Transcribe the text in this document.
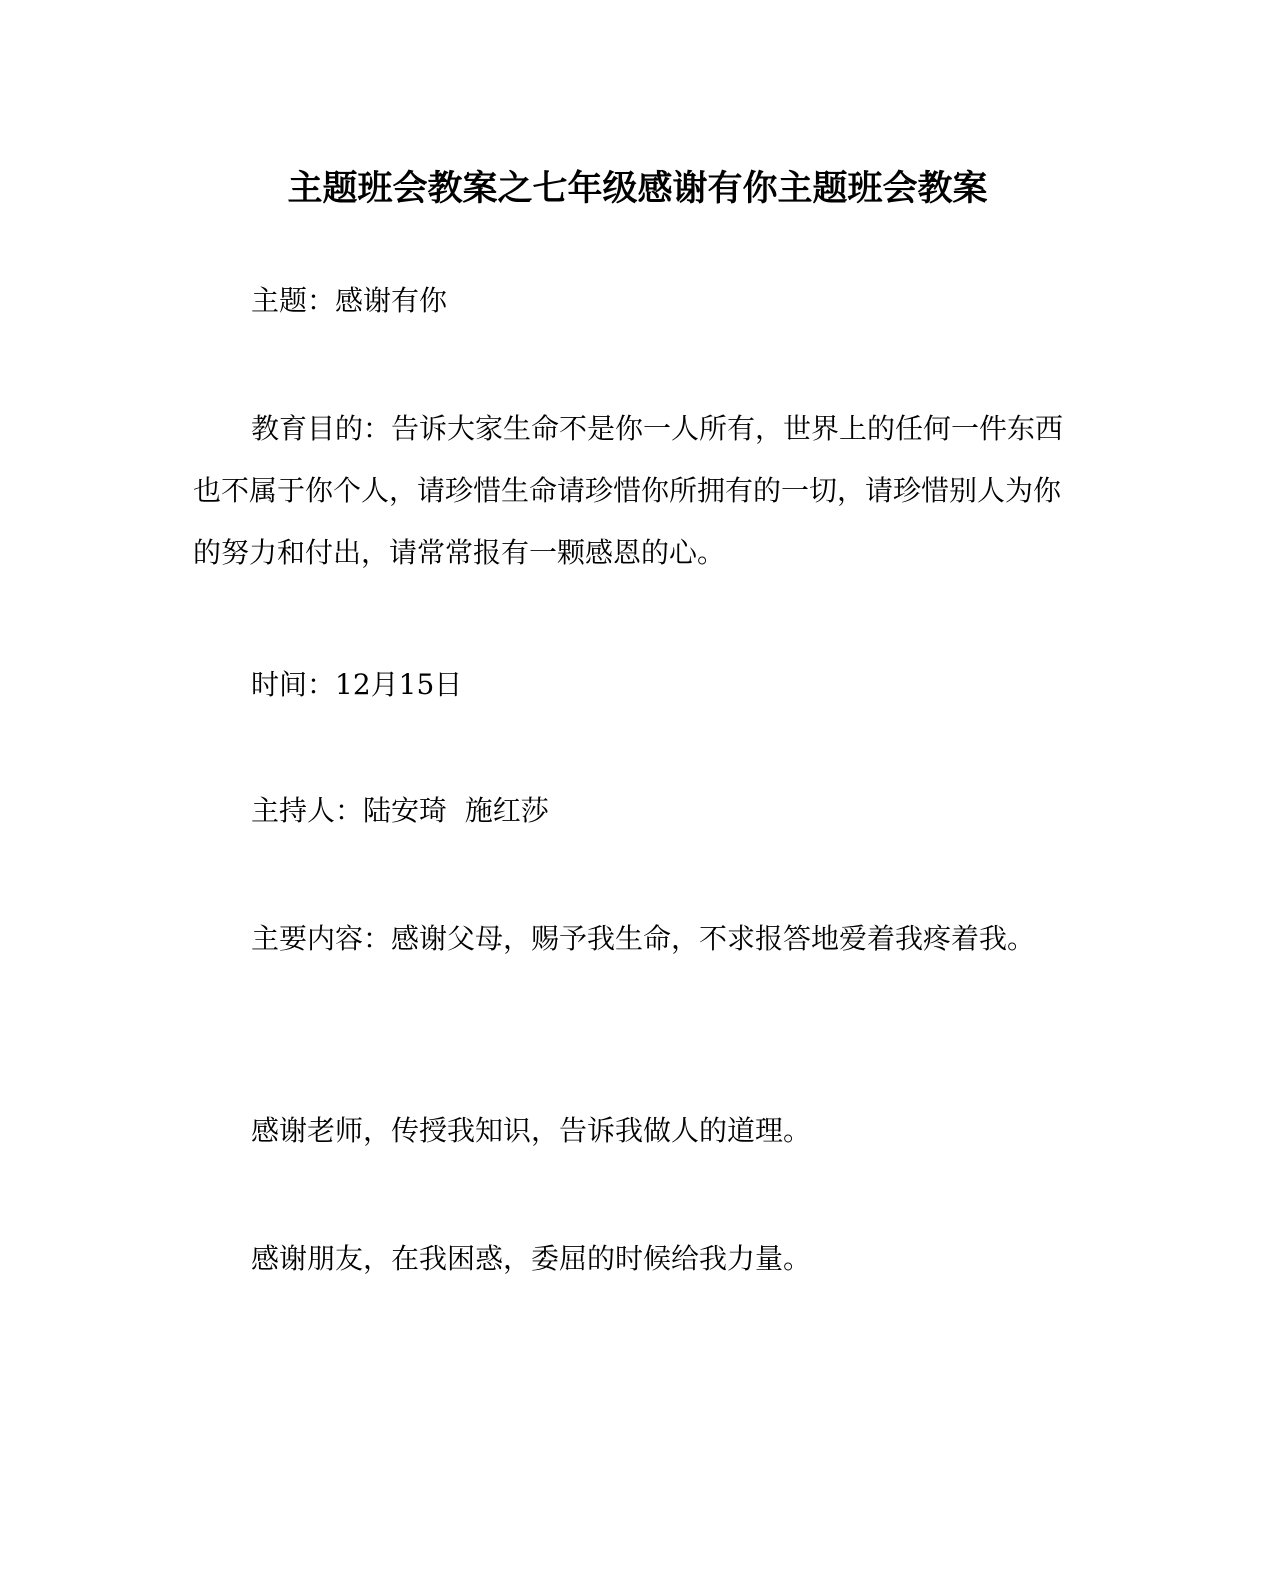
主题班会教案之七年级感谢有你主题班会教案

主题：感谢有你

教育目的：告诉大家生命不是你一人所有，世界上的任何一件东西也不属于你个人，请珍惜生命请珍惜你所拥有的一切，请珍惜别人为你的努力和付出，请常常报有一颗感恩的心。

时间：12月15日

主持人：陆安琦  施红莎

主要内容：感谢父母，赐予我生命，不求报答地爱着我疼着我。

感谢老师，传授我知识，告诉我做人的道理。

感谢朋友，在我困惑，委屈的时候给我力量。
